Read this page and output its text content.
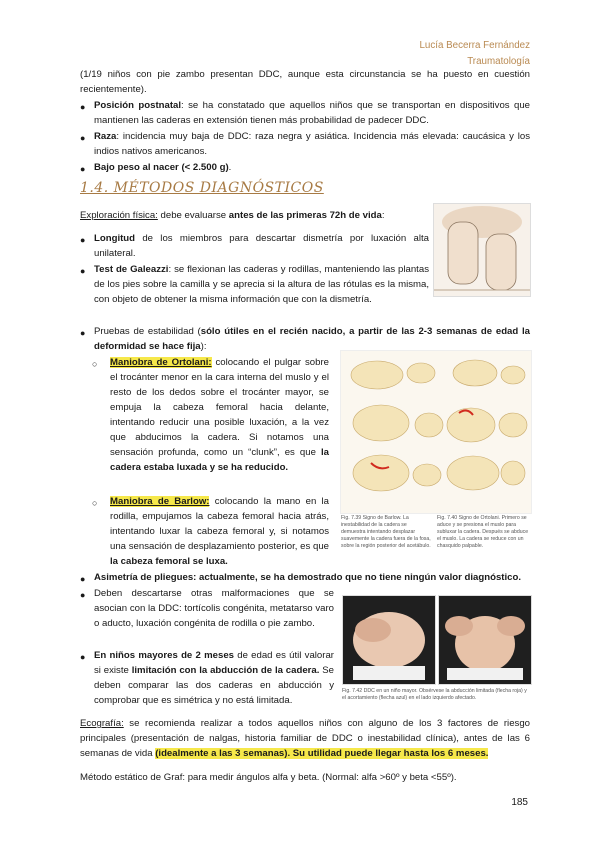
Lucía Becerra Fernández
Traumatología
(1/19 niños con pie zambo presentan DDC, aunque esta circunstancia se ha puesto en cuestión recientemente).
● Posición postnatal: se ha constatado que aquellos niños que se transportan en dispositivos que mantienen las caderas en extensión tienen más probabilidad de padecer DDC.
● Raza: incidencia muy baja de DDC: raza negra y asiática. Incidencia más elevada: caucásica y los indios nativos americanos.
● Bajo peso al nacer (< 2.500 g).
1.4. MÉTODOS DIAGNÓSTICOS
Exploración física: debe evaluarse antes de las primeras 72h de vida:
● Longitud de los miembros para descartar dismetría por luxación alta unilateral.
● Test de Galeazzi: se flexionan las caderas y rodillas, manteniendo las plantas de los pies sobre la camilla y se aprecia si la altura de las rótulas es la misma, con objeto de obtener la misma información que con la dismetría.
● Pruebas de estabilidad (sólo útiles en el recién nacido, a partir de las 2-3 semanas de edad la deformidad se hace fija):
○ Maniobra de Ortolani: colocando el pulgar sobre el trocánter menor en la cara interna del muslo y el resto de los dedos sobre el trocánter mayor, se empuja la cabeza femoral hacia delante, intentando reducir una posible luxación, a la vez que abducimos la cadera. Si notamos una sensación profunda, como un “clunk”, es que la cadera estaba luxada y se ha reducido.
○ Maniobra de Barlow: colocando la mano en la rodilla, empujamos la cabeza femoral hacia atrás, intentando luxar la cabeza femoral y, si notamos una sensación de desplazamiento posterior, es que la cabeza femoral se luxa.
Fig. 7.39 Signo de Barlow. La inestabilidad de la cadera se demuestra intentando desplazar suavemente la cadera fuera de la fosa, sobre la región posterior del acetábulo.
Fig. 7.40 Signo de Ortolani. Primero se aduce y se presiona el muslo para subluxar la cadera. Después se abduce el muslo. La cadera se reduce con un chasquido palpable.
● Asimetría de pliegues: actualmente, se ha demostrado que no tiene ningún valor diagnóstico.
● Deben descartarse otras malformaciones que se asocian con la DDC: tortícolis congénita, metatarso varo o aducto, luxación congénita de rodilla o pie zambo.
● En niños mayores de 2 meses de edad es útil valorar si existe limitación con la abducción de la cadera. Se deben comparar las dos caderas en abducción y comprobar que es simétrica y no está limitada.
Fig. 7.42 DDC en un niño mayor. Obsérvese la abducción limitada (flecha roja) y el acortamiento (flecha azul) en el lado izquierdo afectado.
Ecografía: se recomienda realizar a todos aquellos niños con alguno de los 3 factores de riesgo principales (presentación de nalgas, historia familiar de DDC o inestabilidad clínica), antes de las 6 semanas de vida (idealmente a las 3 semanas). Su utilidad puede llegar hasta los 6 meses.
Método estático de Graf: para medir ángulos alfa y beta. (Normal: alfa >60º y beta <55º).
185
